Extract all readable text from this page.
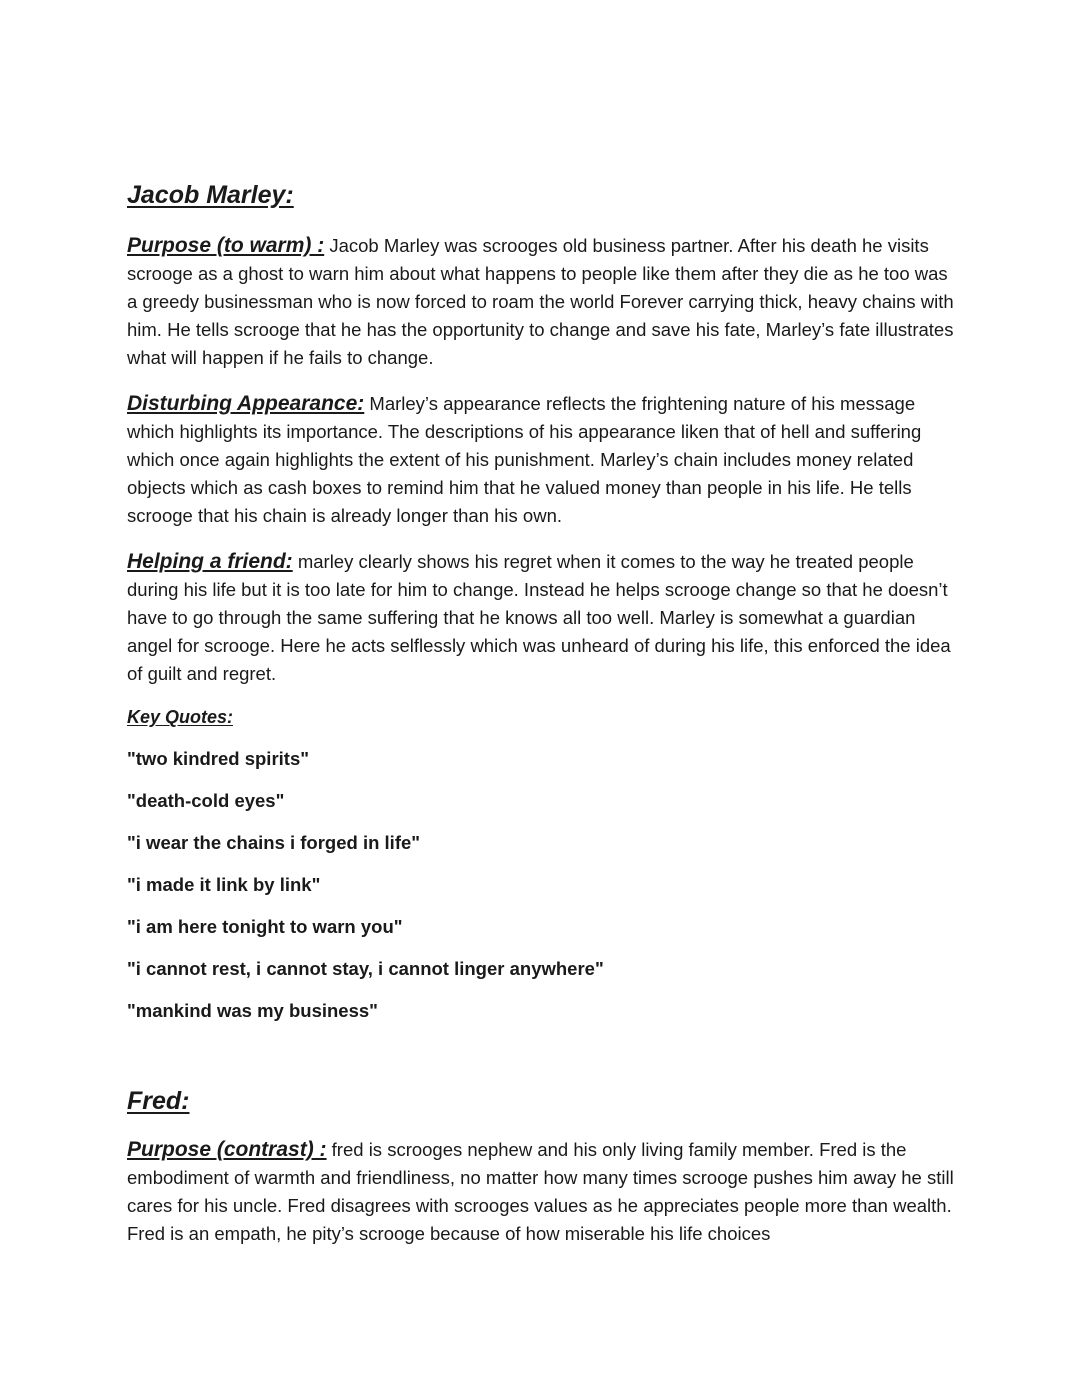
Jacob Marley:

Purpose (to warm) : Jacob Marley was scrooges old business partner. After his death he visits scrooge as a ghost to warn him about what happens to people like them after they die as he too was a greedy businessman who is now forced to roam the world Forever carrying thick, heavy chains with him. He tells scrooge that he has the opportunity to change and save his fate, Marley’s fate illustrates what will happen if he fails to change.

Disturbing Appearance: Marley’s appearance reflects the frightening nature of his message which highlights its importance. The descriptions of his appearance liken that of hell and suffering which once again highlights the extent of his punishment. Marley’s chain includes money related objects which as cash boxes to remind him that he valued money than people in his life. He tells scrooge that his chain is already longer than his own.

Helping a friend: marley clearly shows his regret when it comes to the way he treated people during his life but it is too late for him to change. Instead he helps scrooge change so that he doesn’t have to go through the same suffering that he knows all too well. Marley is somewhat a guardian angel for scrooge. Here he acts selflessly which was unheard of during his life, this enforced the idea of guilt and regret.

Key Quotes:

"two kindred spirits"

"death-cold eyes"

"i wear the chains i forged in life"

"i made it link by link"

"i am here tonight to warn you"

"i cannot rest, i cannot stay, i cannot linger anywhere"

"mankind was my business"

Fred:

Purpose (contrast) : fred is scrooges nephew and his only living family member. Fred is the embodiment of warmth and friendliness, no matter how many times scrooge pushes him away he still cares for his uncle. Fred disagrees with scrooges values as he appreciates people more than wealth. Fred is an empath, he pity’s scrooge because of how miserable his life choices
